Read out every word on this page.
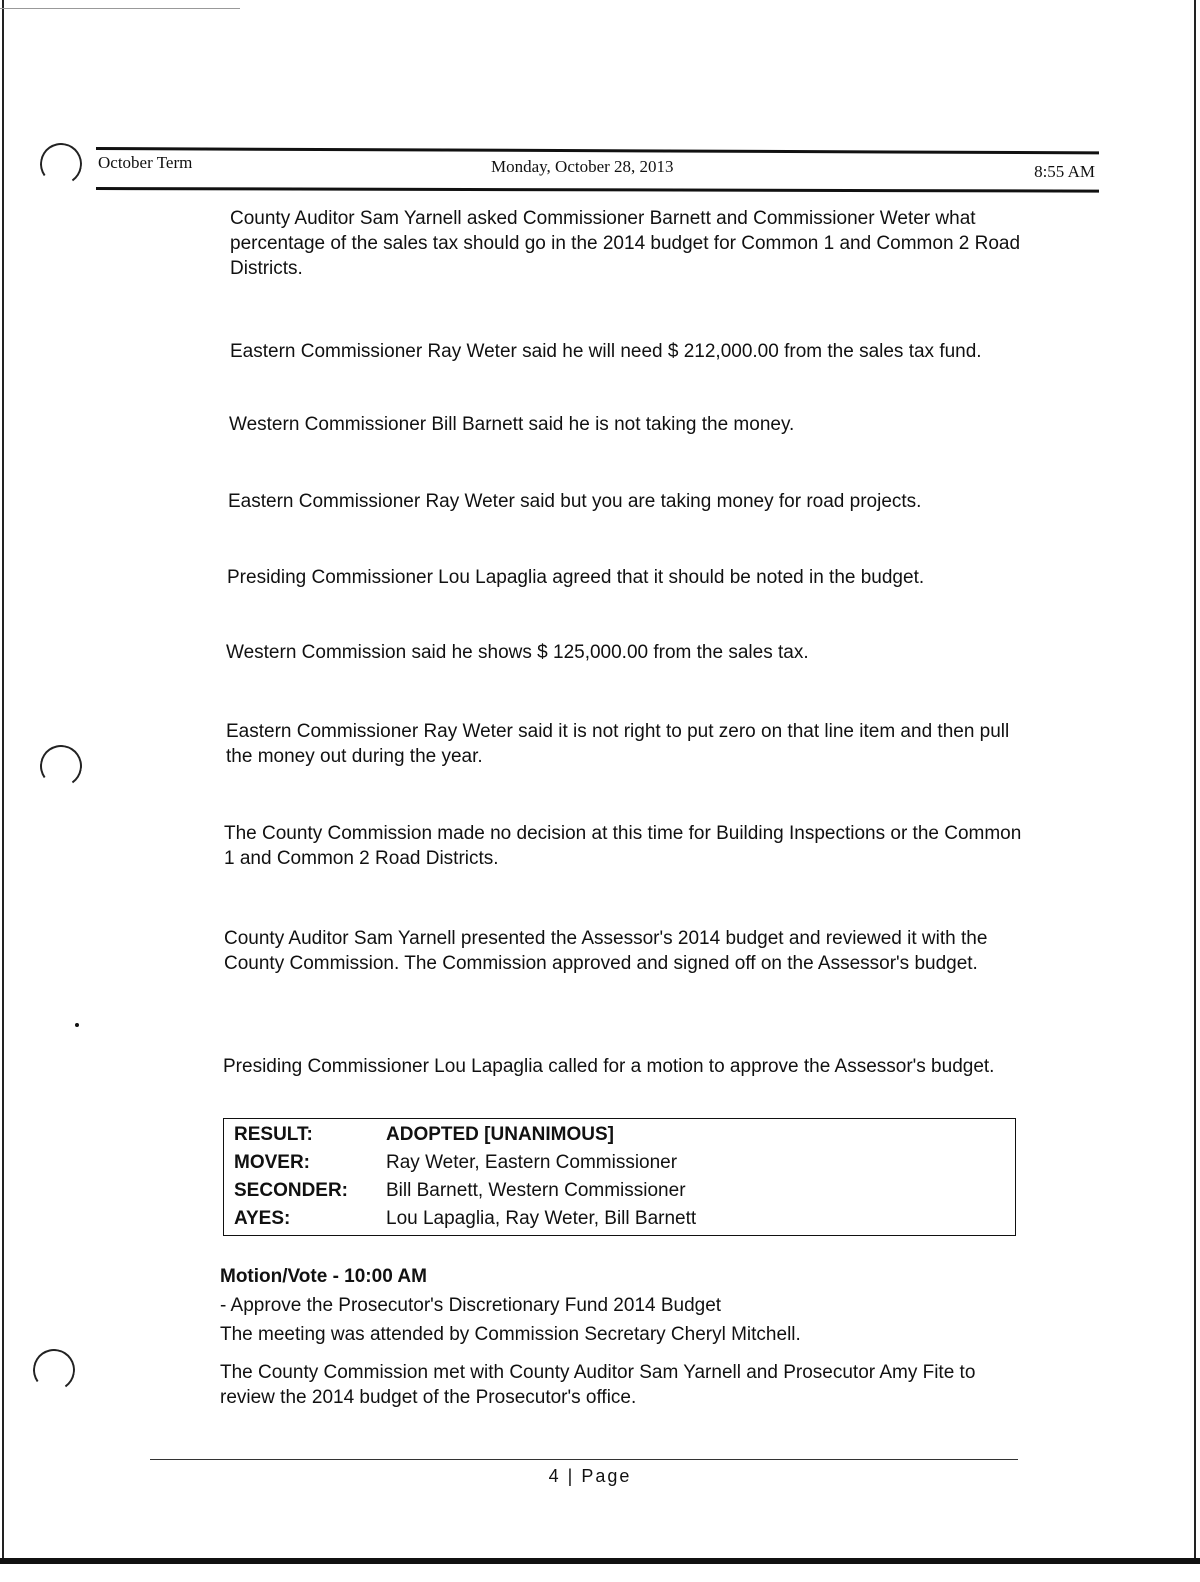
October Term	Monday, October 28, 2013	8:55 AM

County Auditor Sam Yarnell asked Commissioner Barnett and Commissioner Weter what percentage of the sales tax should go in the 2014 budget for Common 1 and Common 2 Road Districts.

Eastern Commissioner Ray Weter said he will need $ 212,000.00 from the sales tax fund.

Western Commissioner Bill Barnett said he is not taking the money.

Eastern Commissioner Ray Weter said but you are taking money for road projects.

Presiding Commissioner Lou Lapaglia agreed that it should be noted in the budget.

Western Commission said he shows $ 125,000.00 from the sales tax.

Eastern Commissioner Ray Weter said it is not right to put zero on that line item and then pull the money out during the year.

The County Commission made no decision at this time for Building Inspections or the Common 1 and Common 2 Road Districts.

County Auditor Sam Yarnell presented the Assessor's 2014 budget and reviewed it with the County Commission. The Commission approved and signed off on the Assessor's budget.

Presiding Commissioner Lou Lapaglia called for a motion to approve the Assessor's budget.

RESULT:	ADOPTED [UNANIMOUS]
MOVER:	Ray Weter, Eastern Commissioner
SECONDER:	Bill Barnett, Western Commissioner
AYES:	Lou Lapaglia, Ray Weter, Bill Barnett

Motion/Vote - 10:00 AM

- Approve the Prosecutor's Discretionary Fund 2014 Budget

The meeting was attended by Commission Secretary Cheryl Mitchell.

The County Commission met with County Auditor Sam Yarnell and Prosecutor Amy Fite to review the 2014 budget of the Prosecutor's office.

4 | Page
